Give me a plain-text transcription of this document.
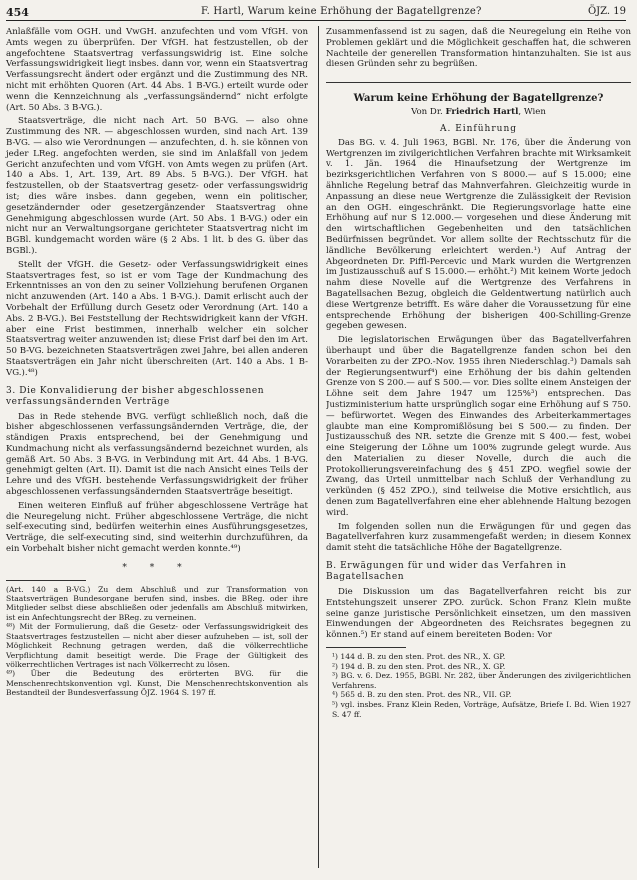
454	F. Hartl, Warum keine Erhöhung der Bagatellgrenze?	ÖJZ. 19

Anlaßfälle vom OGH. und VwGH. anzufechten und vom VfGH. von Amts wegen zu überprüfen. Der VfGH. hat festzustellen, ob der angefochtene Staatsvertrag verfassungswidrig ist. Eine solche Verfassungswidrigkeit liegt insbes. dann vor, wenn ein Staatsvertrag Verfassungsrecht ändert oder ergänzt und die Zustimmung des NR. nicht mit erhöhten Quoren (Art. 44 Abs. 1 B-VG.) erteilt wurde oder wenn die Kennzeichnung als „verfassungsändernd“ nicht erfolgte (Art. 50 Abs. 3 B-VG.).

Staatsverträge, die nicht nach Art. 50 B-VG. — also ohne Zustimmung des NR. — abgeschlossen wurden, sind nach Art. 139 B-VG. — also wie Verordnungen — anzufechten, d. h. sie können von jeder LReg. angefochten werden, sie sind im Anlaßfall von jedem Gericht anzufechten und vom VfGH. von Amts wegen zu prüfen (Art. 140 a Abs. 1, Art. 139, Art. 89 Abs. 5 B-VG.). Der VfGH. hat festzustellen, ob der Staatsvertrag gesetz- oder verfassungswidrig ist; dies wäre insbes. dann gegeben, wenn ein politischer, gesetzändernder oder gesetzergänzender Staatsvertrag ohne Genehmigung abgeschlossen wurde (Art. 50 Abs. 1 B-VG.) oder ein nicht nur an Verwaltungsorgane gerichteter Staatsvertrag nicht im BGBl. kundgemacht worden wäre (§ 2 Abs. 1 lit. b des G. über das BGBl.).

Stellt der VfGH. die Gesetz- oder Verfassungswidrigkeit eines Staatsvertrages fest, so ist er vom Tage der Kundmachung des Erkenntnisses an von den zu seiner Vollziehung berufenen Organen nicht anzuwenden (Art. 140 a Abs. 1 B-VG.). Damit erlischt auch der Vorbehalt der Erfüllung durch Gesetz oder Verordnung (Art. 140 a Abs. 2 B-VG.). Bei Feststellung der Rechtswidrigkeit kann der VfGH. aber eine Frist bestimmen, innerhalb welcher ein solcher Staatsvertrag weiter anzuwenden ist; diese Frist darf bei den im Art. 50 B-VG. bezeichneten Staatsverträgen zwei Jahre, bei allen anderen Staatsverträgen ein Jahr nicht überschreiten (Art. 140 a Abs. 1 B-VG.).⁴⁸)

3. Die Konvalidierung der bisher abgeschlossenen verfassungsändernden Verträge

Das in Rede stehende BVG. verfügt schließlich noch, daß die bisher abgeschlossenen verfassungsändernden Verträge, die, der ständigen Praxis entsprechend, bei der Genehmigung und Kundmachung nicht als verfassungsändernd bezeichnet wurden, als gemäß Art. 50 Abs. 3 B-VG. in Verbindung mit Art. 44 Abs. 1 B-VG. genehmigt gelten (Art. II). Damit ist die nach Ansicht eines Teils der Lehre und des VfGH. bestehende Verfassungswidrigkeit der früher abgeschlossenen verfassungsändernden Staatsverträge beseitigt.

Einen weiteren Einfluß auf früher abgeschlossene Verträge hat die Neuregelung nicht. Früher abgeschlossene Verträge, die nicht self-executing sind, bedürfen weiterhin eines Ausführungsgesetzes, Verträge, die self-executing sind, sind weiterhin durchzuführen, da ein Vorbehalt bisher nicht gemacht werden konnte.⁴⁹)

* * *

(Art. 140 a B-VG.) Zu dem Abschluß und zur Transformation von Staatsverträgen Bundesorgane berufen sind, insbes. die BReg. oder ihre Mitglieder selbst diese abschließen oder jedenfalls am Abschluß mitwirken, ist ein Anfechtungsrecht der BReg. zu verneinen.

⁴⁸) Mit der Formulierung, daß die Gesetz- oder Verfassungswidrigkeit des Staatsvertrages festzustellen — nicht aber dieser aufzuheben — ist, soll der Möglichkeit Rechnung getragen werden, daß die völkerrechtliche Verpflichtung damit beseitigt werde. Die Frage der Gültigkeit des völkerrechtlichen Vertrages ist nach Völkerrecht zu lösen.

⁴⁹) Über die Bedeutung des erörterten BVG. für die Menschenrechtskonvention vgl. Kunst, Die Menschenrechtskonvention als Bestandteil der Bundesverfassung ÖJZ. 1964 S. 197 ff.

Zusammenfassend ist zu sagen, daß die Neuregelung ein Reihe von Problemen geklärt und die Möglichkeit geschaffen hat, die schweren Nachteile der generellen Transformation hintanzuhalten. Sie ist aus diesen Gründen sehr zu begrüßen.

Warum keine Erhöhung der Bagatellgrenze?
Von Dr. Friedrich Hartl, Wien
A. Einführung

Das BG. v. 4. Juli 1963, BGBl. Nr. 176, über die Änderung von Wertgrenzen im zivilgerichtlichen Verfahren brachte mit Wirksamkeit v. 1. Jän. 1964 die Hinaufsetzung der Wertgrenze im bezirksgerichtlichen Verfahren von S 8000.— auf S 15.000; eine ähnliche Regelung betraf das Mahnverfahren. Gleichzeitig wurde in Anpassung an diese neue Wertgrenze die Zulässigkeit der Revision an den OGH. eingeschränkt. Die Regierungsvorlage hatte eine Erhöhung auf nur S 12.000.— vorgesehen und diese Änderung mit den wirtschaftlichen Gegebenheiten und den tatsächlichen Bedürfnissen begründet. Vor allem sollte der Rechtsschutz für die ländliche Bevölkerung erleichtert werden.¹) Auf Antrag der Abgeordneten Dr. Piffl-Percevic und Mark wurden die Wertgrenzen im Justizausschuß auf S 15.000.— erhöht.²) Mit keinem Worte jedoch nahm diese Novelle auf die Wertgrenze des Verfahrens in Bagatellsachen Bezug, obgleich die Geldentwertung natürlich auch diese Wertgrenze betrifft. Es wäre daher die Voraussetzung für eine entsprechende Erhöhung der bisherigen 400-Schilling-Grenze gegeben gewesen.

Die legislatorischen Erwägungen über das Bagatellverfahren überhaupt und über die Bagatellgrenze fanden schon bei den Vorarbeiten zu der ZPO.-Nov. 1955 ihren Niederschlag.³) Damals sah der Regierungsentwurf⁴) eine Erhöhung der bis dahin geltenden Grenze von S 200.— auf S 500.— vor. Dies sollte einem Ansteigen der Löhne seit dem Jahre 1947 um 125%³) entsprechen. Das Justizministerium hatte ursprünglich sogar eine Erhöhung auf S 750.— befürwortet. Wegen des Einwandes des Arbeiterkammertages glaubte man eine Kompromißlösung bei S 500.— zu finden. Der Justizausschuß des NR. setzte die Grenze mit S 400.— fest, wobei eine Steigerung der Löhne um 100% zugrunde gelegt wurde. Aus den Materialien zu dieser Novelle, durch die auch die Protokollierungsvereinfachung des § 451 ZPO. wegfiel sowie der Zwang, das Urteil unmittelbar nach Schluß der Verhandlung zu verkünden (§ 452 ZPO.), sind teilweise die Motive ersichtlich, aus denen zum Bagatellverfahren eine eher ablehnende Haltung bezogen wird.

Im folgenden sollen nun die Erwägungen für und gegen das Bagatellverfahren kurz zusammengefaßt werden; in diesem Konnex damit steht die tatsächliche Höhe der Bagatellgrenze.

B. Erwägungen für und wider das Verfahren in Bagatellsachen

Die Diskussion um das Bagatellverfahren reicht bis zur Entstehungszeit unserer ZPO. zurück. Schon Franz Klein mußte seine ganze juristische Persönlichkeit einsetzen, um den massiven Einwendungen der Abgeordneten des Reichsrates begegnen zu können.⁵) Er stand auf einem bereiteten Boden: Vor

¹) 144 d. B. zu den sten. Prot. des NR., X. GP.

²) 194 d. B. zu den sten. Prot. des NR., X. GP.

³) BG. v. 6. Dez. 1955, BGBl. Nr. 282, über Änderungen des zivilgerichtlichen Verfahrens.

⁴) 565 d. B. zu den sten. Prot. des NR., VII. GP.

⁵) vgl. insbes. Franz Klein Reden, Vorträge, Aufsätze, Briefe I. Bd. Wien 1927 S. 47 ff.
